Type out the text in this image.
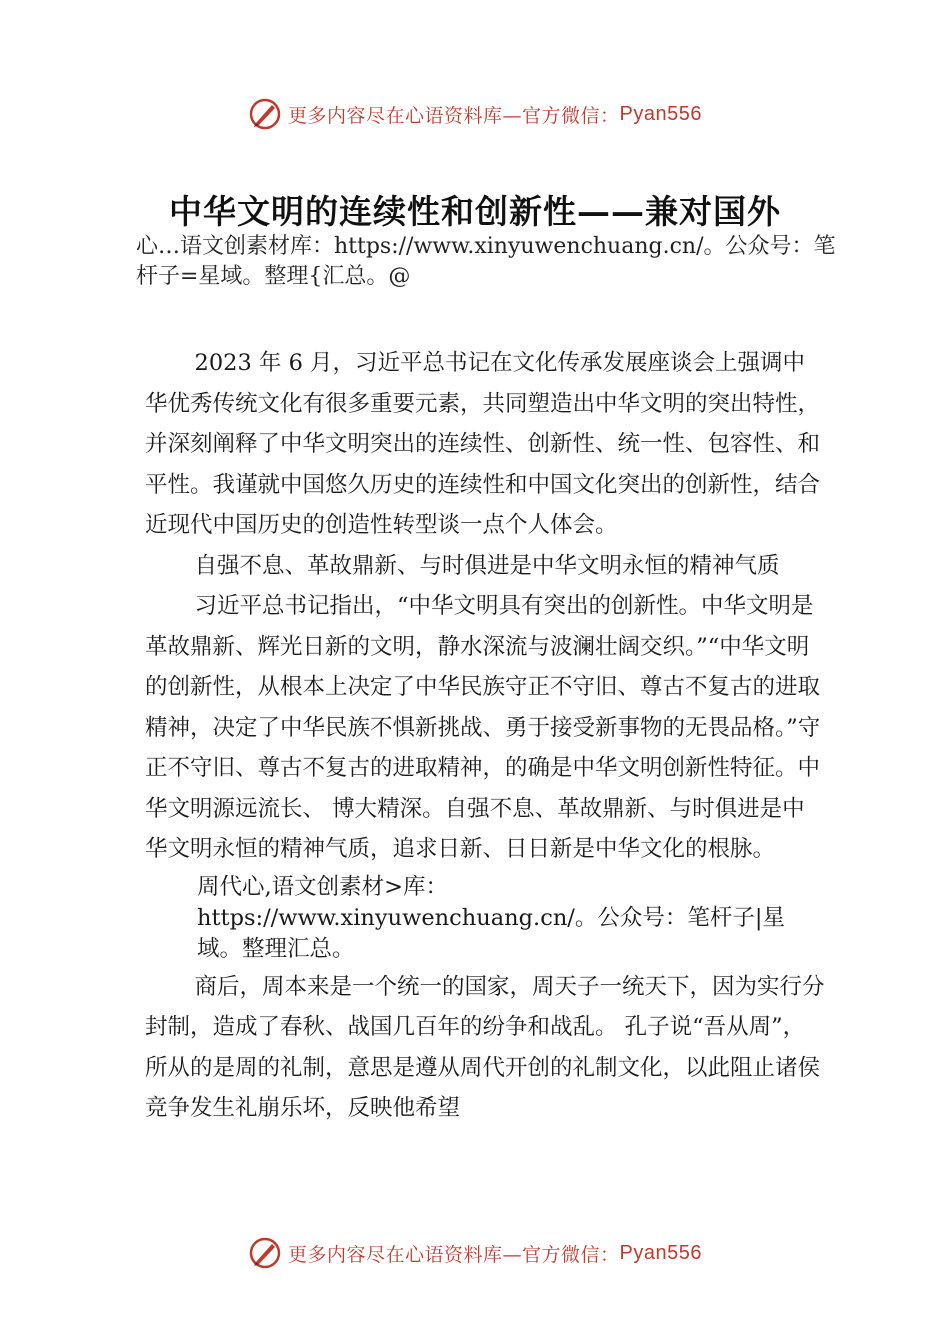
更多内容尽在心语资料库—官方微信： Pyan556
中华文明的连续性和创新性——兼对国外
心…语文创素材库：https://www.xinyuwenchuang.cn/。公众号：笔杆子=星域。整理{汇总。@

2023 年 6 月，习近平总书记在文化传承发展座谈会上强调中华优秀传统文化有很多重要元素，共同塑造出中华文明的突出特性，并深刻阐释了中华文明突出的连续性、创新性、统一性、包容性、和平性。我谨就中国悠久历史的连续性和中国文化突出的创新性，结合近现代中国历史的创造性转型谈一点个人体会。

自强不息、革故鼎新、与时俱进是中华文明永恒的精神气质

习近平总书记指出，“中华文明具有突出的创新性。中华文明是革故鼎新、辉光日新的文明，静水深流与波澜壮阔交织。”“中华文明的创新性，从根本上决定了中华民族守正不守旧、尊古不复古的进取精神，决定了中华民族不惧新挑战、勇于接受新事物的无畏品格。”守正不守旧、尊古不复古的进取精神，的确是中华文明创新性特征。中华文明源远流长、 博大精深。自强不息、革故鼎新、与时俱进是中华文明永恒的精神气质，追求日新、日日新是中华文化的根脉。

周代心,语文创素材>库：https://www.xinyuwenchuang.cn/。公众号：笔杆子|星域。整理汇总。

商后，周本来是一个统一的国家，周天子一统天下，因为实行分封制，造成了春秋、战国几百年的纷争和战乱。 孔子说“吾从周”，所从的是周的礼制，意思是遵从周代开创的礼制文化，以此阻止诸侯竞争发生礼崩乐坏，反映他希望

更多内容尽在心语资料库—官方微信： Pyan556
